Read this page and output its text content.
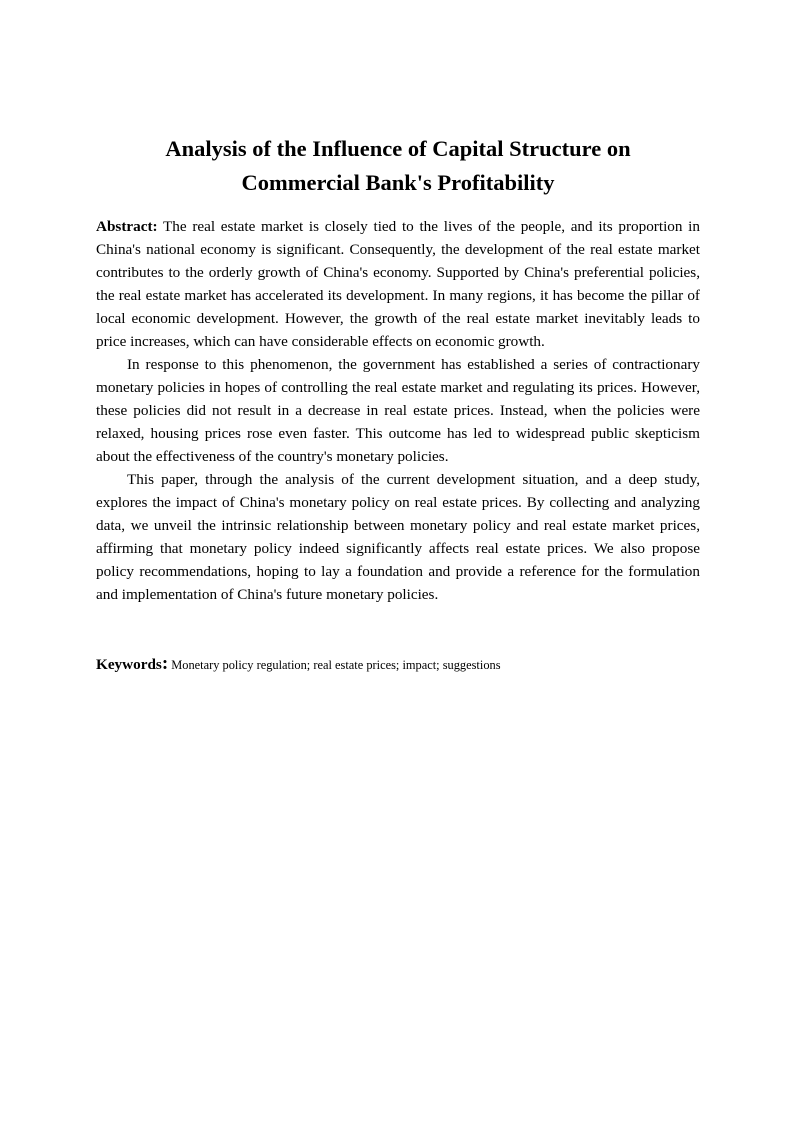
Analysis of the Influence of Capital Structure on
Commercial Bank's Profitability

Abstract: The real estate market is closely tied to the lives of the people, and its proportion in China's national economy is significant. Consequently, the development of the real estate market contributes to the orderly growth of China's economy. Supported by China's preferential policies, the real estate market has accelerated its development. In many regions, it has become the pillar of local economic development. However, the growth of the real estate market inevitably leads to price increases, which can have considerable effects on economic growth.

In response to this phenomenon, the government has established a series of contractionary monetary policies in hopes of controlling the real estate market and regulating its prices. However, these policies did not result in a decrease in real estate prices. Instead, when the policies were relaxed, housing prices rose even faster. This outcome has led to widespread public skepticism about the effectiveness of the country's monetary policies.

This paper, through the analysis of the current development situation, and a deep study, explores the impact of China's monetary policy on real estate prices. By collecting and analyzing data, we unveil the intrinsic relationship between monetary policy and real estate market prices, affirming that monetary policy indeed significantly affects real estate prices. We also propose policy recommendations, hoping to lay a foundation and provide a reference for the formulation and implementation of China's future monetary policies.

Keywords: Monetary policy regulation; real estate prices; impact; suggestions
